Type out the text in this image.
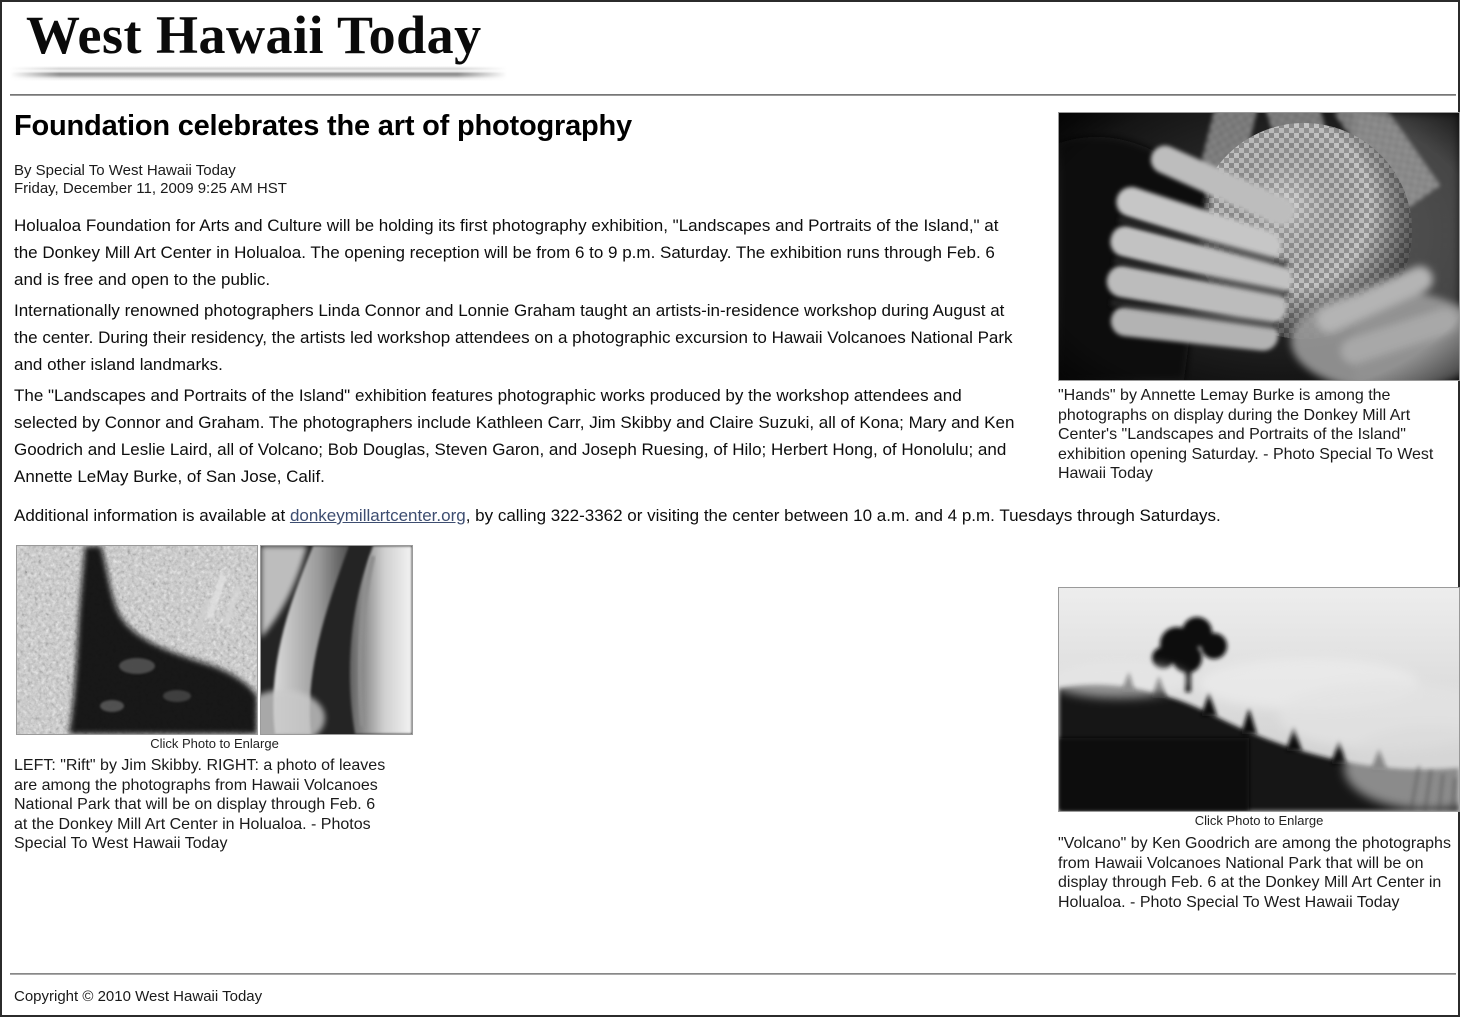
West Hawaii Today
Foundation celebrates the art of photography
By Special To West Hawaii Today
Friday, December 11, 2009 9:25 AM HST

Holualoa Foundation for Arts and Culture will be holding its first photography exhibition, "Landscapes and Portraits of the Island," at the Donkey Mill Art Center in Holualoa. The opening reception will be from 6 to 9 p.m. Saturday. The exhibition runs through Feb. 6 and is free and open to the public.

Internationally renowned photographers Linda Connor and Lonnie Graham taught an artists-in-residence workshop during August at the center. During their residency, the artists led workshop attendees on a photographic excursion to Hawaii Volcanoes National Park and other island landmarks.

The "Landscapes and Portraits of the Island" exhibition features photographic works produced by the workshop attendees and selected by Connor and Graham. The photographers include Kathleen Carr, Jim Skibby and Claire Suzuki, all of Kona; Mary and Ken Goodrich and Leslie Laird, all of Volcano; Bob Douglas, Steven Garon, and Joseph Ruesing, of Hilo; Herbert Hong, of Honolulu; and Annette LeMay Burke, of San Jose, Calif.

Additional information is available at donkeymillartcenter.org, by calling 322-3362 or visiting the center between 10 a.m. and 4 p.m. Tuesdays through Saturdays.

"Hands" by Annette Lemay Burke is among the photographs on display during the Donkey Mill Art Center's "Landscapes and Portraits of the Island" exhibition opening Saturday. - Photo Special To West Hawaii Today
Click Photo to Enlarge
LEFT: "Rift" by Jim Skibby. RIGHT: a photo of leaves are among the photographs from Hawaii Volcanoes National Park that will be on display through Feb. 6 at the Donkey Mill Art Center in Holualoa. - Photos Special To West Hawaii Today
Click Photo to Enlarge
"Volcano" by Ken Goodrich are among the photographs from Hawaii Volcanoes National Park that will be on display through Feb. 6 at the Donkey Mill Art Center in Holualoa. - Photo Special To West Hawaii Today
Copyright © 2010 West Hawaii Today
